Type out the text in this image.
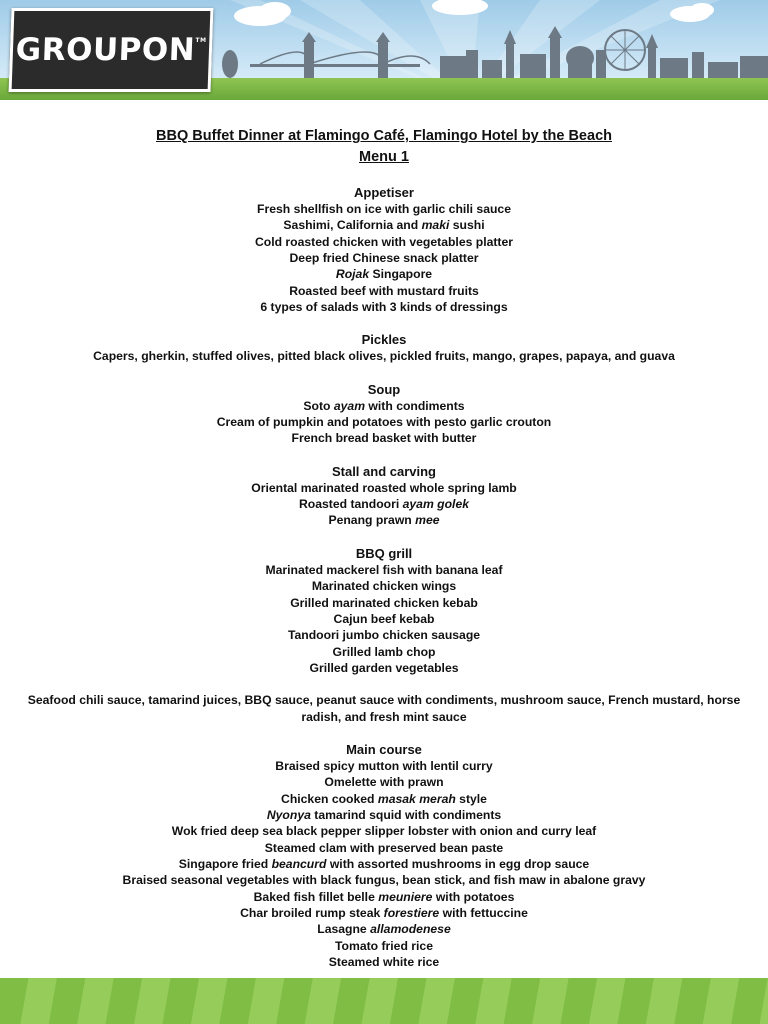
GROUPON™
BBQ Buffet Dinner at Flamingo Café, Flamingo Hotel by the Beach
Menu 1
Appetiser
Fresh shellfish on ice with garlic chili sauce
Sashimi, California and maki sushi
Cold roasted chicken with vegetables platter
Deep fried Chinese snack platter
Rojak Singapore
Roasted beef with mustard fruits
6 types of salads with 3 kinds of dressings
Pickles
Capers, gherkin, stuffed olives, pitted black olives, pickled fruits, mango, grapes, papaya, and guava
Soup
Soto ayam with condiments
Cream of pumpkin and potatoes with pesto garlic crouton
French bread basket with butter
Stall and carving
Oriental marinated roasted whole spring lamb
Roasted tandoori ayam golek
Penang prawn mee
BBQ grill
Marinated mackerel fish with banana leaf
Marinated chicken wings
Grilled marinated chicken kebab
Cajun beef kebab
Tandoori jumbo chicken sausage
Grilled lamb chop
Grilled garden vegetables
Seafood chili sauce, tamarind juices, BBQ sauce, peanut sauce with condiments, mushroom sauce, French mustard, horse radish, and fresh mint sauce
Main course
Braised spicy mutton with lentil curry
Omelette with prawn
Chicken cooked masak merah style
Nyonya tamarind squid with condiments
Wok fried deep sea black pepper slipper lobster with onion and curry leaf
Steamed clam with preserved bean paste
Singapore fried beancurd with assorted mushrooms in egg drop sauce
Braised seasonal vegetables with black fungus, bean stick, and fish maw in abalone gravy
Baked fish fillet belle meuniere with potatoes
Char broiled rump steak forestiere with fettuccine
Lasagne allamodenese
Tomato fried rice
Steamed white rice
